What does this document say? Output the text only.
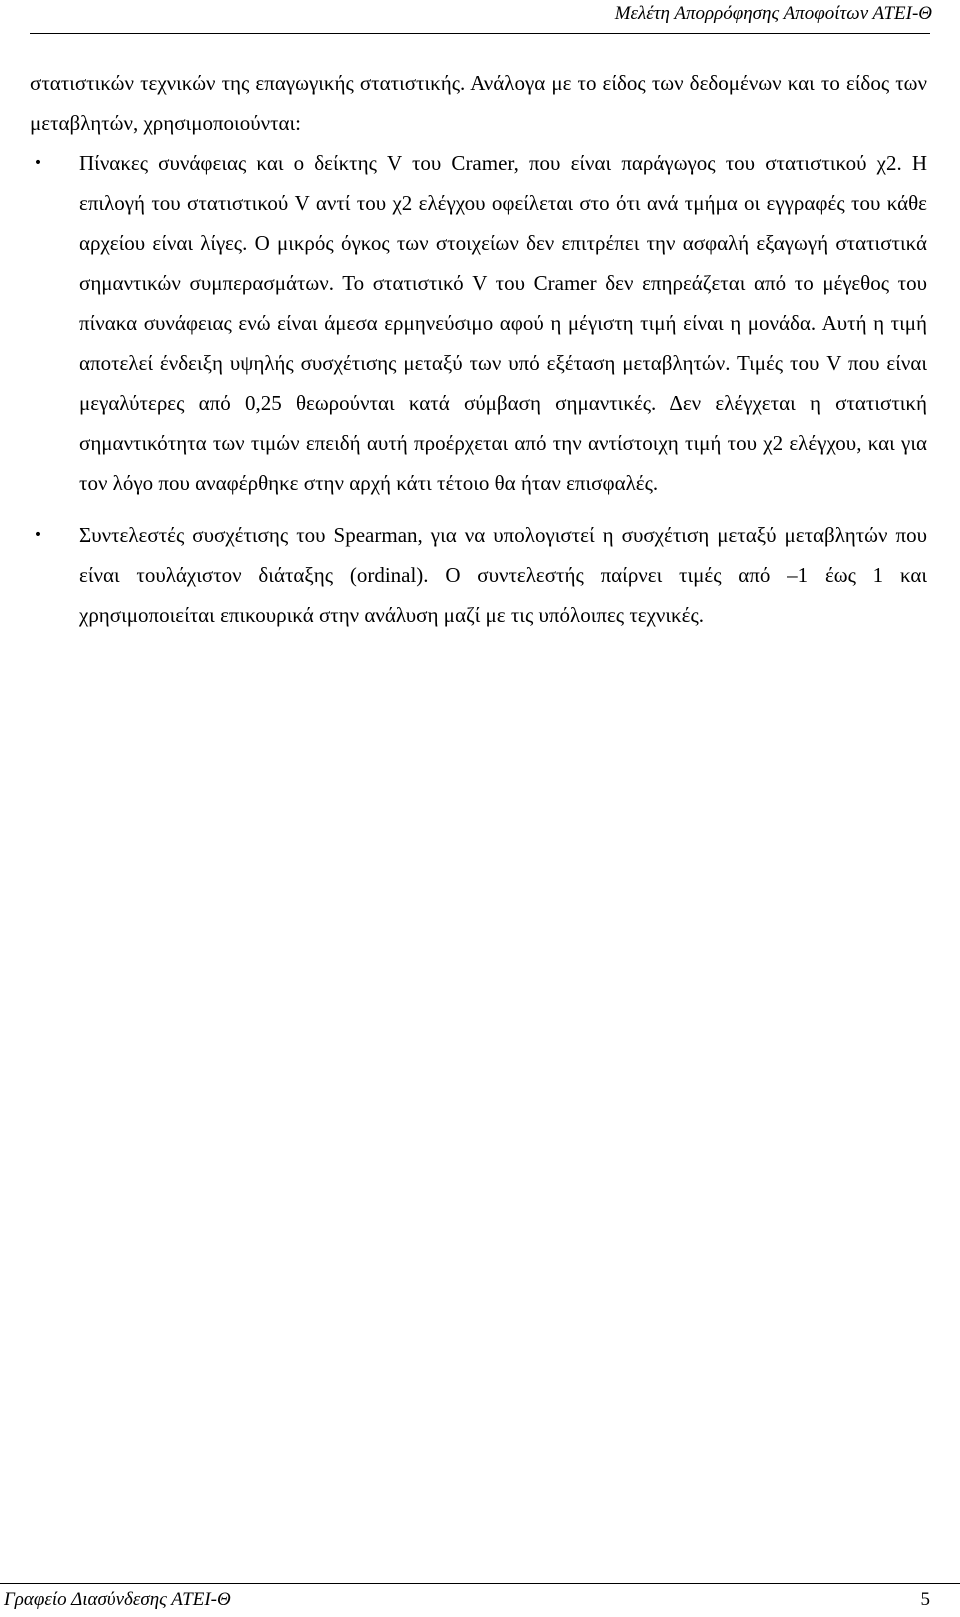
Μελέτη Απορρόφησης Αποφοίτων ΑΤΕΙ-Θ

στατιστικών τεχνικών της επαγωγικής στατιστικής. Ανάλογα με το είδος των δεδομένων και το είδος των μεταβλητών, χρησιμοποιούνται:

• Πίνακες συνάφειας και ο δείκτης V του Cramer, που είναι παράγωγος του στατιστικού χ2. Η επιλογή του στατιστικού V αντί του χ2 ελέγχου οφείλεται στο ότι ανά τμήμα οι εγγραφές του κάθε αρχείου είναι λίγες. Ο μικρός όγκος των στοιχείων δεν επιτρέπει την ασφαλή εξαγωγή στατιστικά σημαντικών συμπερασμάτων. Το στατιστικό V του Cramer δεν επηρεάζεται από το μέγεθος του πίνακα συνάφειας ενώ είναι άμεσα ερμηνεύσιμο αφού η μέγιστη τιμή είναι η μονάδα. Αυτή η τιμή αποτελεί ένδειξη υψηλής συσχέτισης μεταξύ των υπό εξέταση μεταβλητών. Τιμές του V που είναι μεγαλύτερες από 0,25 θεωρούνται κατά σύμβαση σημαντικές. Δεν ελέγχεται η στατιστική σημαντικότητα των τιμών επειδή αυτή προέρχεται από την αντίστοιχη τιμή του χ2 ελέγχου, και για τον λόγο που αναφέρθηκε στην αρχή κάτι τέτοιο θα ήταν επισφαλές.
• Συντελεστές συσχέτισης του Spearman, για να υπολογιστεί η συσχέτιση μεταξύ μεταβλητών που είναι τουλάχιστον διάταξης (ordinal). Ο συντελεστής παίρνει τιμές από –1 έως 1 και χρησιμοποιείται επικουρικά στην ανάλυση μαζί με τις υπόλοιπες τεχνικές.
Γραφείο Διασύνδεσης ΑΤΕΙ-Θ	5
